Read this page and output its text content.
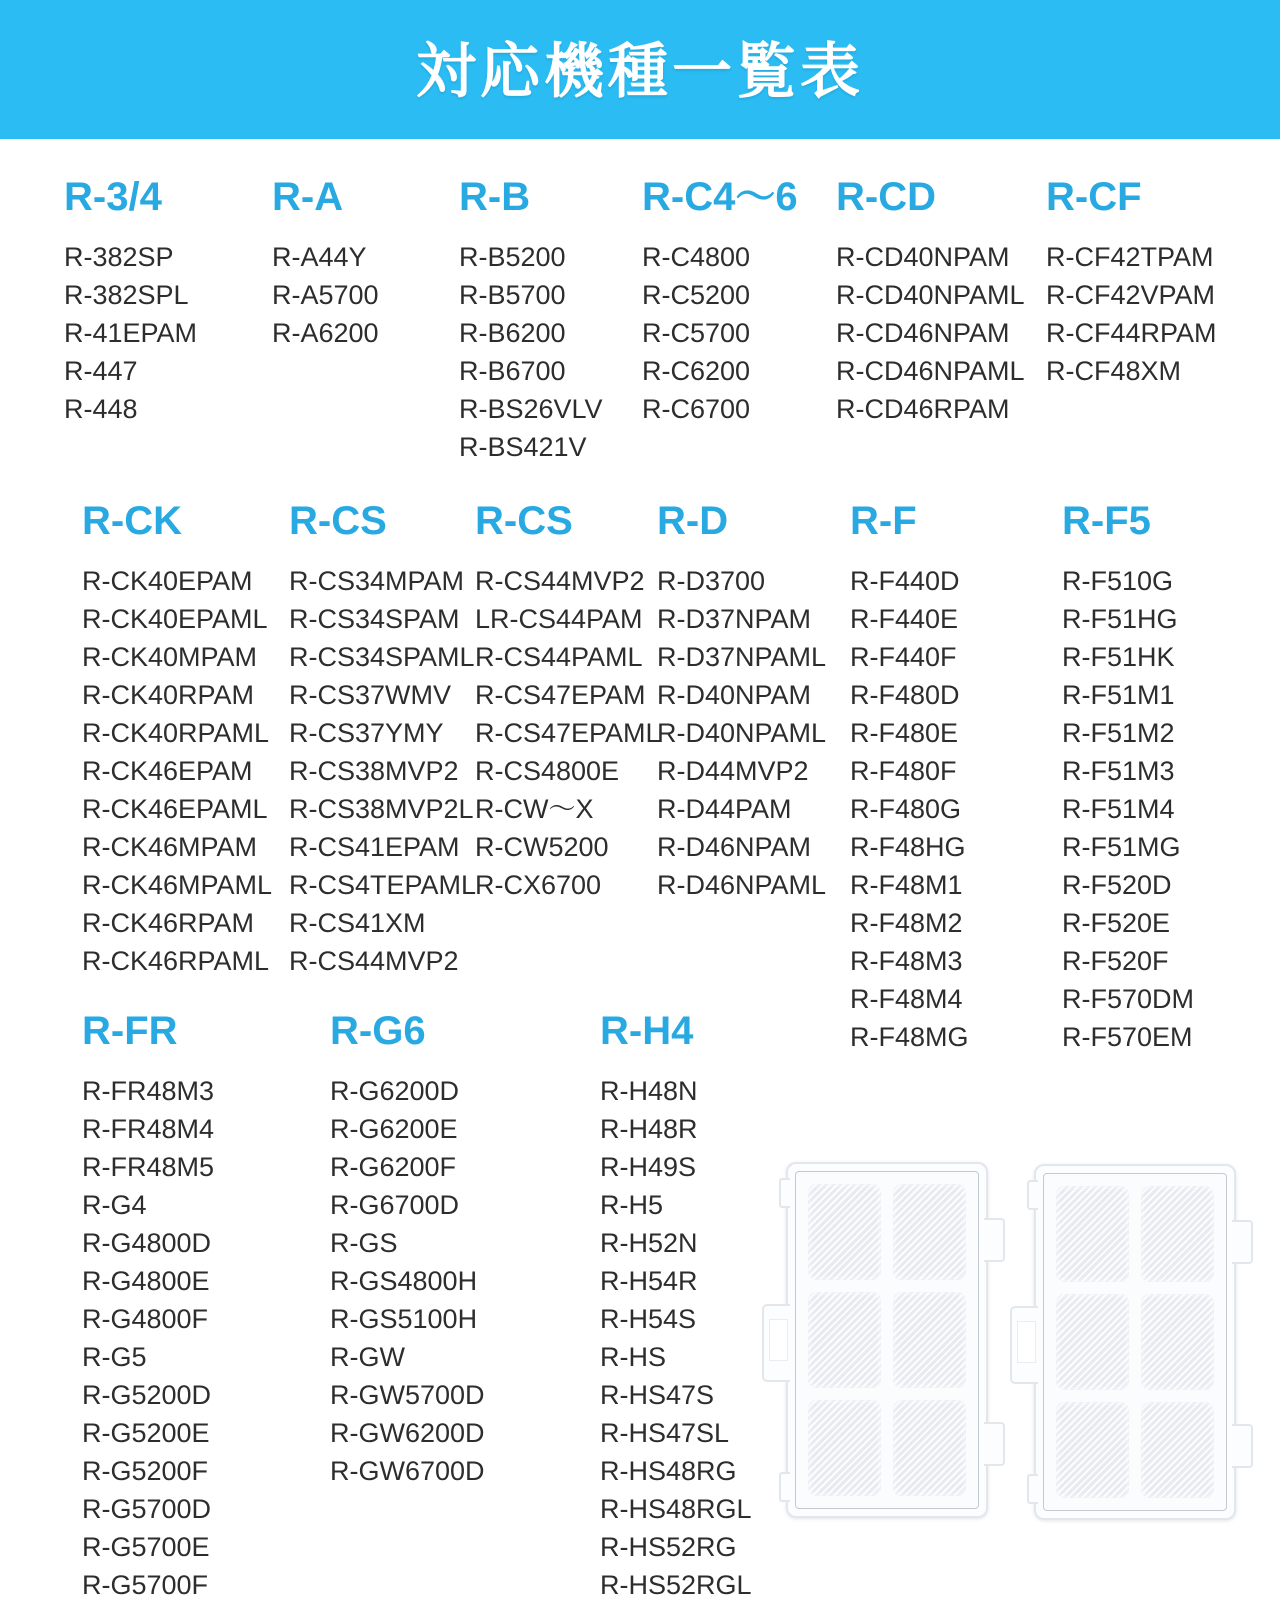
対応機種一覧表
R-3/4
R-382SP
R-382SPL
R-41EPAM
R-447
R-448
R-A
R-A44Y
R-A5700
R-A6200
R-B
R-B5200
R-B5700
R-B6200
R-B6700
R-BS26VLV
R-BS421V
R-C4～6
R-C4800
R-C5200
R-C5700
R-C6200
R-C6700
R-CD
R-CD40NPAM
R-CD40NPAML
R-CD46NPAM
R-CD46NPAML
R-CD46RPAM
R-CF
R-CF42TPAM
R-CF42VPAM
R-CF44RPAM
R-CF48XM
R-CK
R-CK40EPAM
R-CK40EPAML
R-CK40MPAM
R-CK40RPAM
R-CK40RPAML
R-CK46EPAM
R-CK46EPAML
R-CK46MPAM
R-CK46MPAML
R-CK46RPAM
R-CK46RPAML
R-CS
R-CS34MPAM
R-CS34SPAM
R-CS34SPAML
R-CS37WMV
R-CS37YMY
R-CS38MVP2
R-CS38MVP2L
R-CS41EPAM
R-CS4TEPAML
R-CS41XM
R-CS44MVP2
R-CS
R-CS44MVP2
LR-CS44PAM
R-CS44PAML
R-CS47EPAM
R-CS47EPAML
R-CS4800E
R-CW～X
R-CW5200
R-CX6700
R-D
R-D3700
R-D37NPAM
R-D37NPAML
R-D40NPAM
R-D40NPAML
R-D44MVP2
R-D44PAM
R-D46NPAM
R-D46NPAML
R-F
R-F440D
R-F440E
R-F440F
R-F480D
R-F480E
R-F480F
R-F480G
R-F48HG
R-F48M1
R-F48M2
R-F48M3
R-F48M4
R-F48MG
R-F5
R-F510G
R-F51HG
R-F51HK
R-F51M1
R-F51M2
R-F51M3
R-F51M4
R-F51MG
R-F520D
R-F520E
R-F520F
R-F570DM
R-F570EM
R-FR
R-FR48M3
R-FR48M4
R-FR48M5
R-G4
R-G4800D
R-G4800E
R-G4800F
R-G5
R-G5200D
R-G5200E
R-G5200F
R-G5700D
R-G5700E
R-G5700F
R-G6
R-G6200D
R-G6200E
R-G6200F
R-G6700D
R-GS
R-GS4800H
R-GS5100H
R-GW
R-GW5700D
R-GW6200D
R-GW6700D
R-H4
R-H48N
R-H48R
R-H49S
R-H5
R-H52N
R-H54R
R-H54S
R-HS
R-HS47S
R-HS47SL
R-HS48RG
R-HS48RGL
R-HS52RG
R-HS52RGL
